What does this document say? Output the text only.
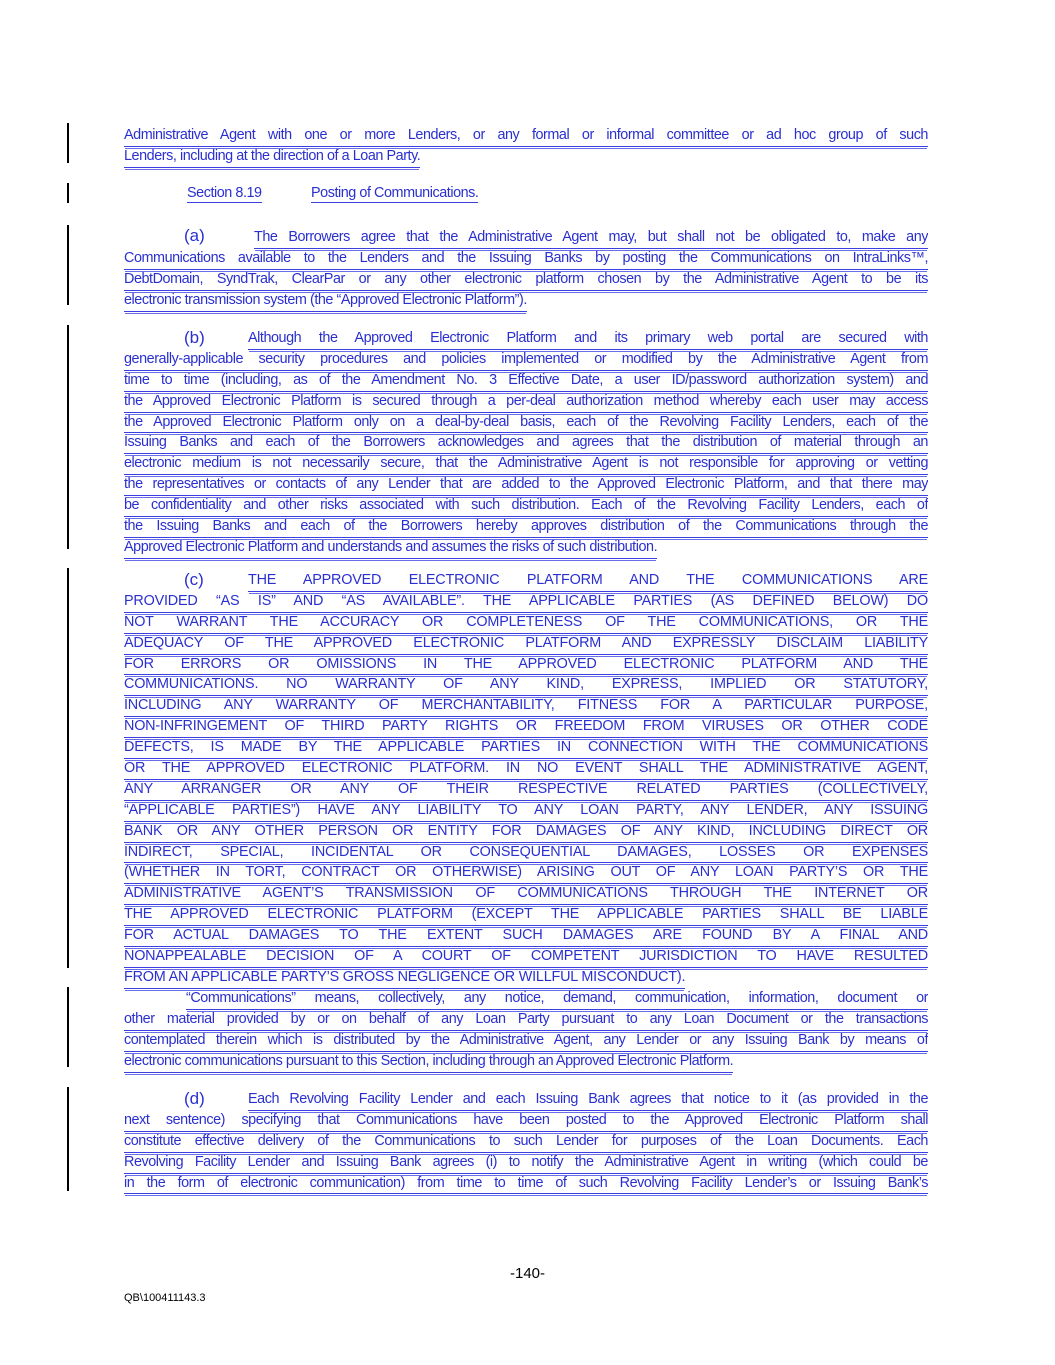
Administrative Agent with one or more Lenders, or any formal or informal committee or ad hoc group of such
Lenders, including at the direction of a Loan Party.
Section 8.19	Posting of Communications.
(a)	The Borrowers agree that the Administrative Agent may, but shall not be obligated to, make any
Communications available to the Lenders and the Issuing Banks by posting the Communications on IntraLinks™,
DebtDomain, SyndTrak, ClearPar or any other electronic platform chosen by the Administrative Agent to be its
electronic transmission system (the “Approved Electronic Platform”).
(b)	Although the Approved Electronic Platform and its primary web portal are secured with
generally-applicable security procedures and policies implemented or modified by the Administrative Agent from
time to time (including, as of the Amendment No. 3 Effective Date, a user ID/password authorization system) and
the Approved Electronic Platform is secured through a per-deal authorization method whereby each user may access
the Approved Electronic Platform only on a deal-by-deal basis, each of the Revolving Facility Lenders, each of the
Issuing Banks and each of the Borrowers acknowledges and agrees that the distribution of material through an
electronic medium is not necessarily secure, that the Administrative Agent is not responsible for approving or vetting
the representatives or contacts of any Lender that are added to the Approved Electronic Platform, and that there may
be confidentiality and other risks associated with such distribution. Each of the Revolving Facility Lenders, each of
the Issuing Banks and each of the Borrowers hereby approves distribution of the Communications through the
Approved Electronic Platform and understands and assumes the risks of such distribution.
(c)	THE APPROVED ELECTRONIC PLATFORM AND THE COMMUNICATIONS ARE
PROVIDED “AS IS” AND “AS AVAILABLE”. THE APPLICABLE PARTIES (AS DEFINED BELOW) DO
NOT WARRANT THE ACCURACY OR COMPLETENESS OF THE COMMUNICATIONS, OR THE
ADEQUACY OF THE APPROVED ELECTRONIC PLATFORM AND EXPRESSLY DISCLAIM LIABILITY
FOR ERRORS OR OMISSIONS IN THE APPROVED ELECTRONIC PLATFORM AND THE
COMMUNICATIONS. NO WARRANTY OF ANY KIND, EXPRESS, IMPLIED OR STATUTORY,
INCLUDING ANY WARRANTY OF MERCHANTABILITY, FITNESS FOR A PARTICULAR PURPOSE,
NON-INFRINGEMENT OF THIRD PARTY RIGHTS OR FREEDOM FROM VIRUSES OR OTHER CODE
DEFECTS, IS MADE BY THE APPLICABLE PARTIES IN CONNECTION WITH THE COMMUNICATIONS
OR THE APPROVED ELECTRONIC PLATFORM. IN NO EVENT SHALL THE ADMINISTRATIVE AGENT,
ANY ARRANGER OR ANY OF THEIR RESPECTIVE RELATED PARTIES (COLLECTIVELY,
“APPLICABLE PARTIES”) HAVE ANY LIABILITY TO ANY LOAN PARTY, ANY LENDER, ANY ISSUING
BANK OR ANY OTHER PERSON OR ENTITY FOR DAMAGES OF ANY KIND, INCLUDING DIRECT OR
INDIRECT, SPECIAL, INCIDENTAL OR CONSEQUENTIAL DAMAGES, LOSSES OR EXPENSES
(WHETHER IN TORT, CONTRACT OR OTHERWISE) ARISING OUT OF ANY LOAN PARTY’S OR THE
ADMINISTRATIVE AGENT’S TRANSMISSION OF COMMUNICATIONS THROUGH THE INTERNET OR
THE APPROVED ELECTRONIC PLATFORM (EXCEPT THE APPLICABLE PARTIES SHALL BE LIABLE
FOR ACTUAL DAMAGES TO THE EXTENT SUCH DAMAGES ARE FOUND BY A FINAL AND
NONAPPEALABLE DECISION OF A COURT OF COMPETENT JURISDICTION TO HAVE RESULTED
FROM AN APPLICABLE PARTY’S GROSS NEGLIGENCE OR WILLFUL MISCONDUCT).
“Communications” means, collectively, any notice, demand, communication, information, document or
other material provided by or on behalf of any Loan Party pursuant to any Loan Document or the transactions
contemplated therein which is distributed by the Administrative Agent, any Lender or any Issuing Bank by means of
electronic communications pursuant to this Section, including through an Approved Electronic Platform.
(d)	Each Revolving Facility Lender and each Issuing Bank agrees that notice to it (as provided in the
next sentence) specifying that Communications have been posted to the Approved Electronic Platform shall
constitute effective delivery of the Communications to such Lender for purposes of the Loan Documents. Each
Revolving Facility Lender and Issuing Bank agrees (i) to notify the Administrative Agent in writing (which could be
in the form of electronic communication) from time to time of such Revolving Facility Lender’s or Issuing Bank’s
-140-
QB\100411143.3
